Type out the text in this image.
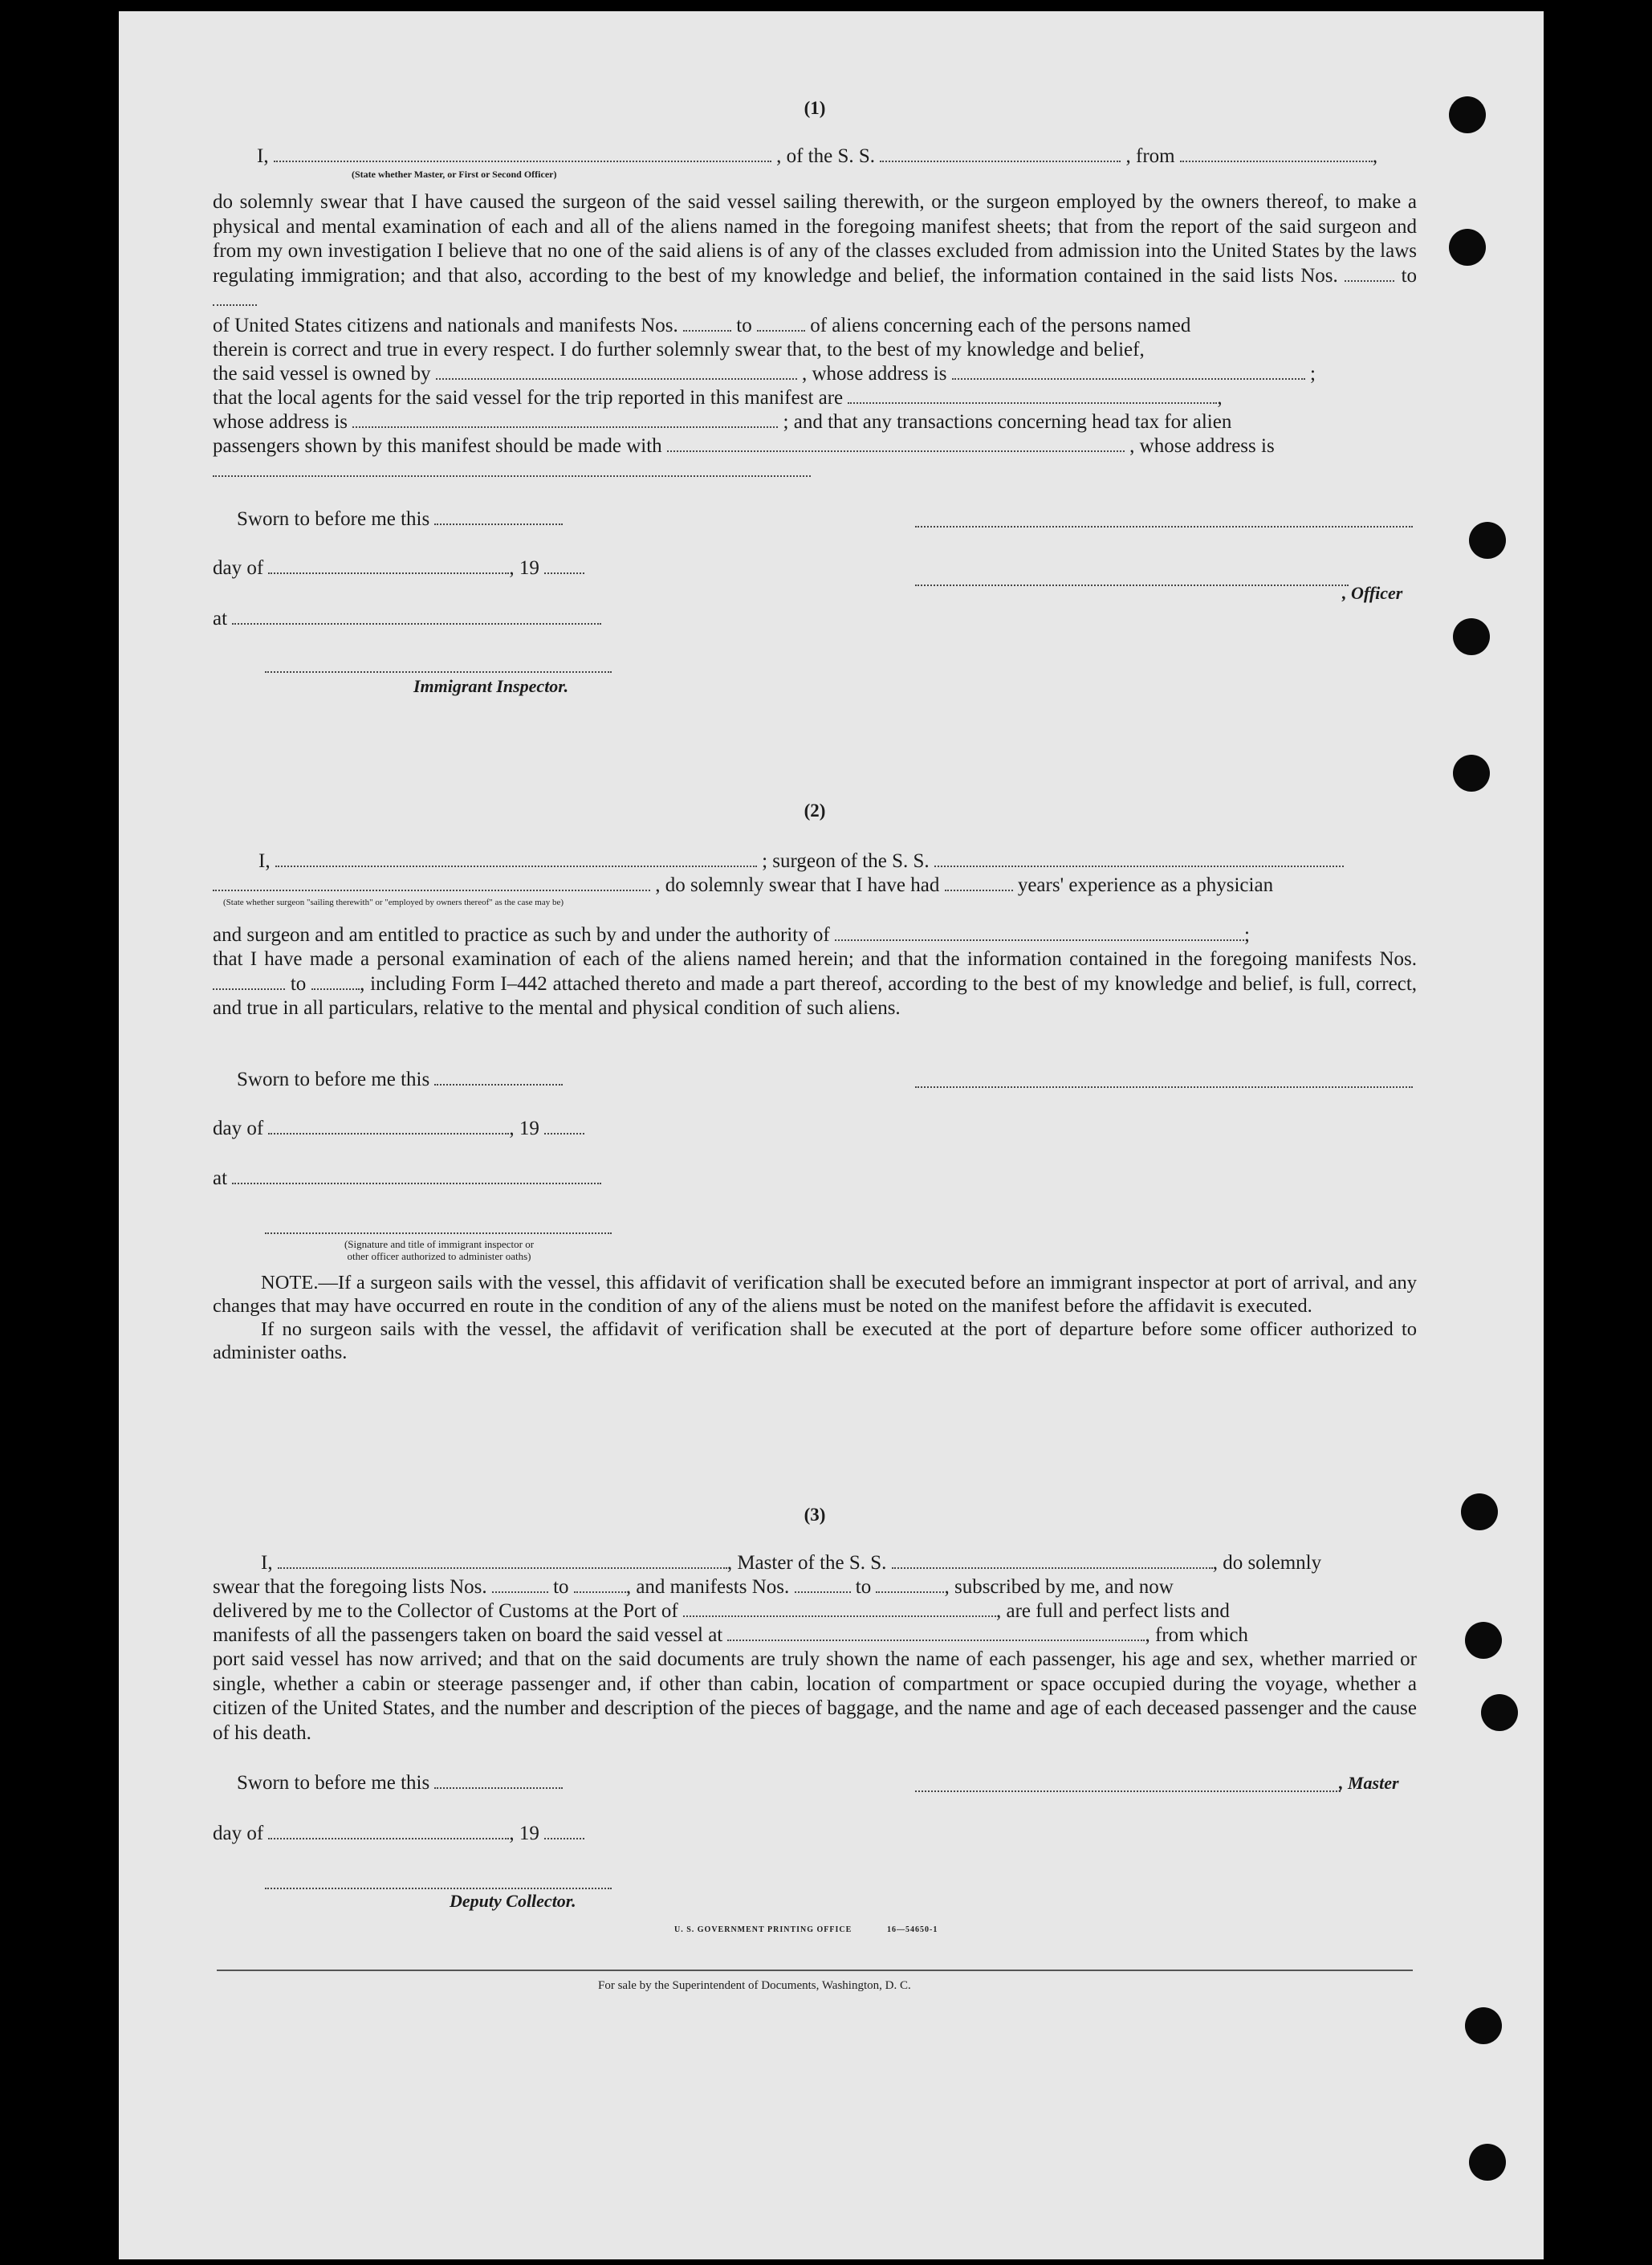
(1)
I,	, of the S. S.	, from	,
(State whether Master, or First or Second Officer)

do solemnly swear that I have caused the surgeon of the said vessel sailing therewith, or the surgeon employed by the owners thereof, to make a physical and mental examination of each and all of the aliens named in the foregoing manifest sheets; that from the report of the said surgeon and from my own investigation I believe that no one of the said aliens is of any of the classes excluded from admission into the United States by the laws regulating immigration; and that also, according to the best of my knowledge and belief, the information contained in the said lists Nos.	to

of United States citizens and nationals and manifests Nos.	to	of aliens concerning each of the persons named
therein is correct and true in every respect. I do further solemnly swear that, to the best of my knowledge and belief,
the said vessel is owned by	, whose address is	;
that the local agents for the said vessel for the trip reported in this manifest are	,
whose address is	; and that any transactions concerning head tax for alien
passengers shown by this manifest should be made with	, whose address is
Sworn to before me this
day of	, 19
, Officer
at
Immigrant Inspector.
(2)
I,	; surgeon of the S. S.
, do solemnly swear that I have had	years' experience as a physician
(State whether surgeon "sailing therewith" or "employed by owners thereof" as the case may be)
and surgeon and am entitled to practice as such by and under the authority of	;

that I have made a personal examination of each of the aliens named herein; and that the information contained in the foregoing manifests Nos.  to	, including Form I–442 attached thereto and made a part thereof, according to the best of my knowledge and belief, is full, correct, and true in all particulars, relative to the mental and physical condition of such aliens.

Sworn to before me this
day of	, 19
at
(Signature and title of immigrant inspector or
other officer authorized to administer oaths)

NOTE.—If a surgeon sails with the vessel, this affidavit of verification shall be executed before an immigrant inspector at port of arrival, and any changes that may have occurred en route in the condition of any of the aliens must be noted on the manifest before the affidavit is executed.

If no surgeon sails with the vessel, the affidavit of verification shall be executed at the port of departure before some officer authorized to administer oaths.

(3)
I,	, Master of the S. S.	, do solemnly
swear that the foregoing lists Nos.	to	, and manifests Nos.	to	, subscribed by me, and now
delivered by me to the Collector of Customs at the Port of	, are full and perfect lists and
manifests of all the passengers taken on board the said vessel at	, from which

port said vessel has now arrived; and that on the said documents are truly shown the name of each passenger, his age and sex, whether married or single, whether a cabin or steerage passenger and, if other than cabin, location of compartment or space occupied during the voyage, whether a citizen of the United States, and the number and description of the pieces of baggage, and the name and age of each deceased passenger and the cause of his death.

Sworn to before me this	, Master
day of	, 19
Deputy Collector.
U. S. GOVERNMENT PRINTING OFFICE	16—54650-1
For sale by the Superintendent of Documents, Washington, D. C.
